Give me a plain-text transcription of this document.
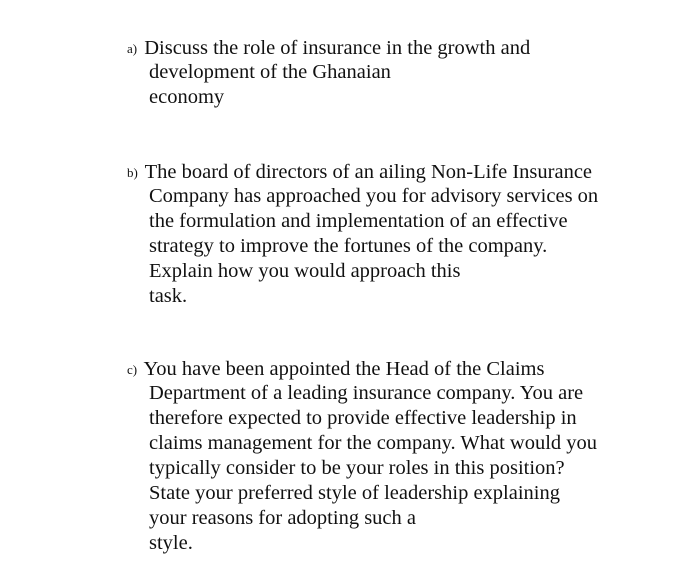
a) Discuss the role of insurance in the growth and
development of the Ghanaian
economy
b) The board of directors of an ailing Non-Life Insurance
Company has approached you for advisory services on
the formulation and implementation of an effective
strategy to improve the fortunes of the company.
Explain how you would approach this
task.
c) You have been appointed the Head of the Claims
Department of a leading insurance company. You are
therefore expected to provide effective leadership in
claims management for the company. What would you
typically consider to be your roles in this position?
State your preferred style of leadership explaining
your reasons for adopting such a
style.
